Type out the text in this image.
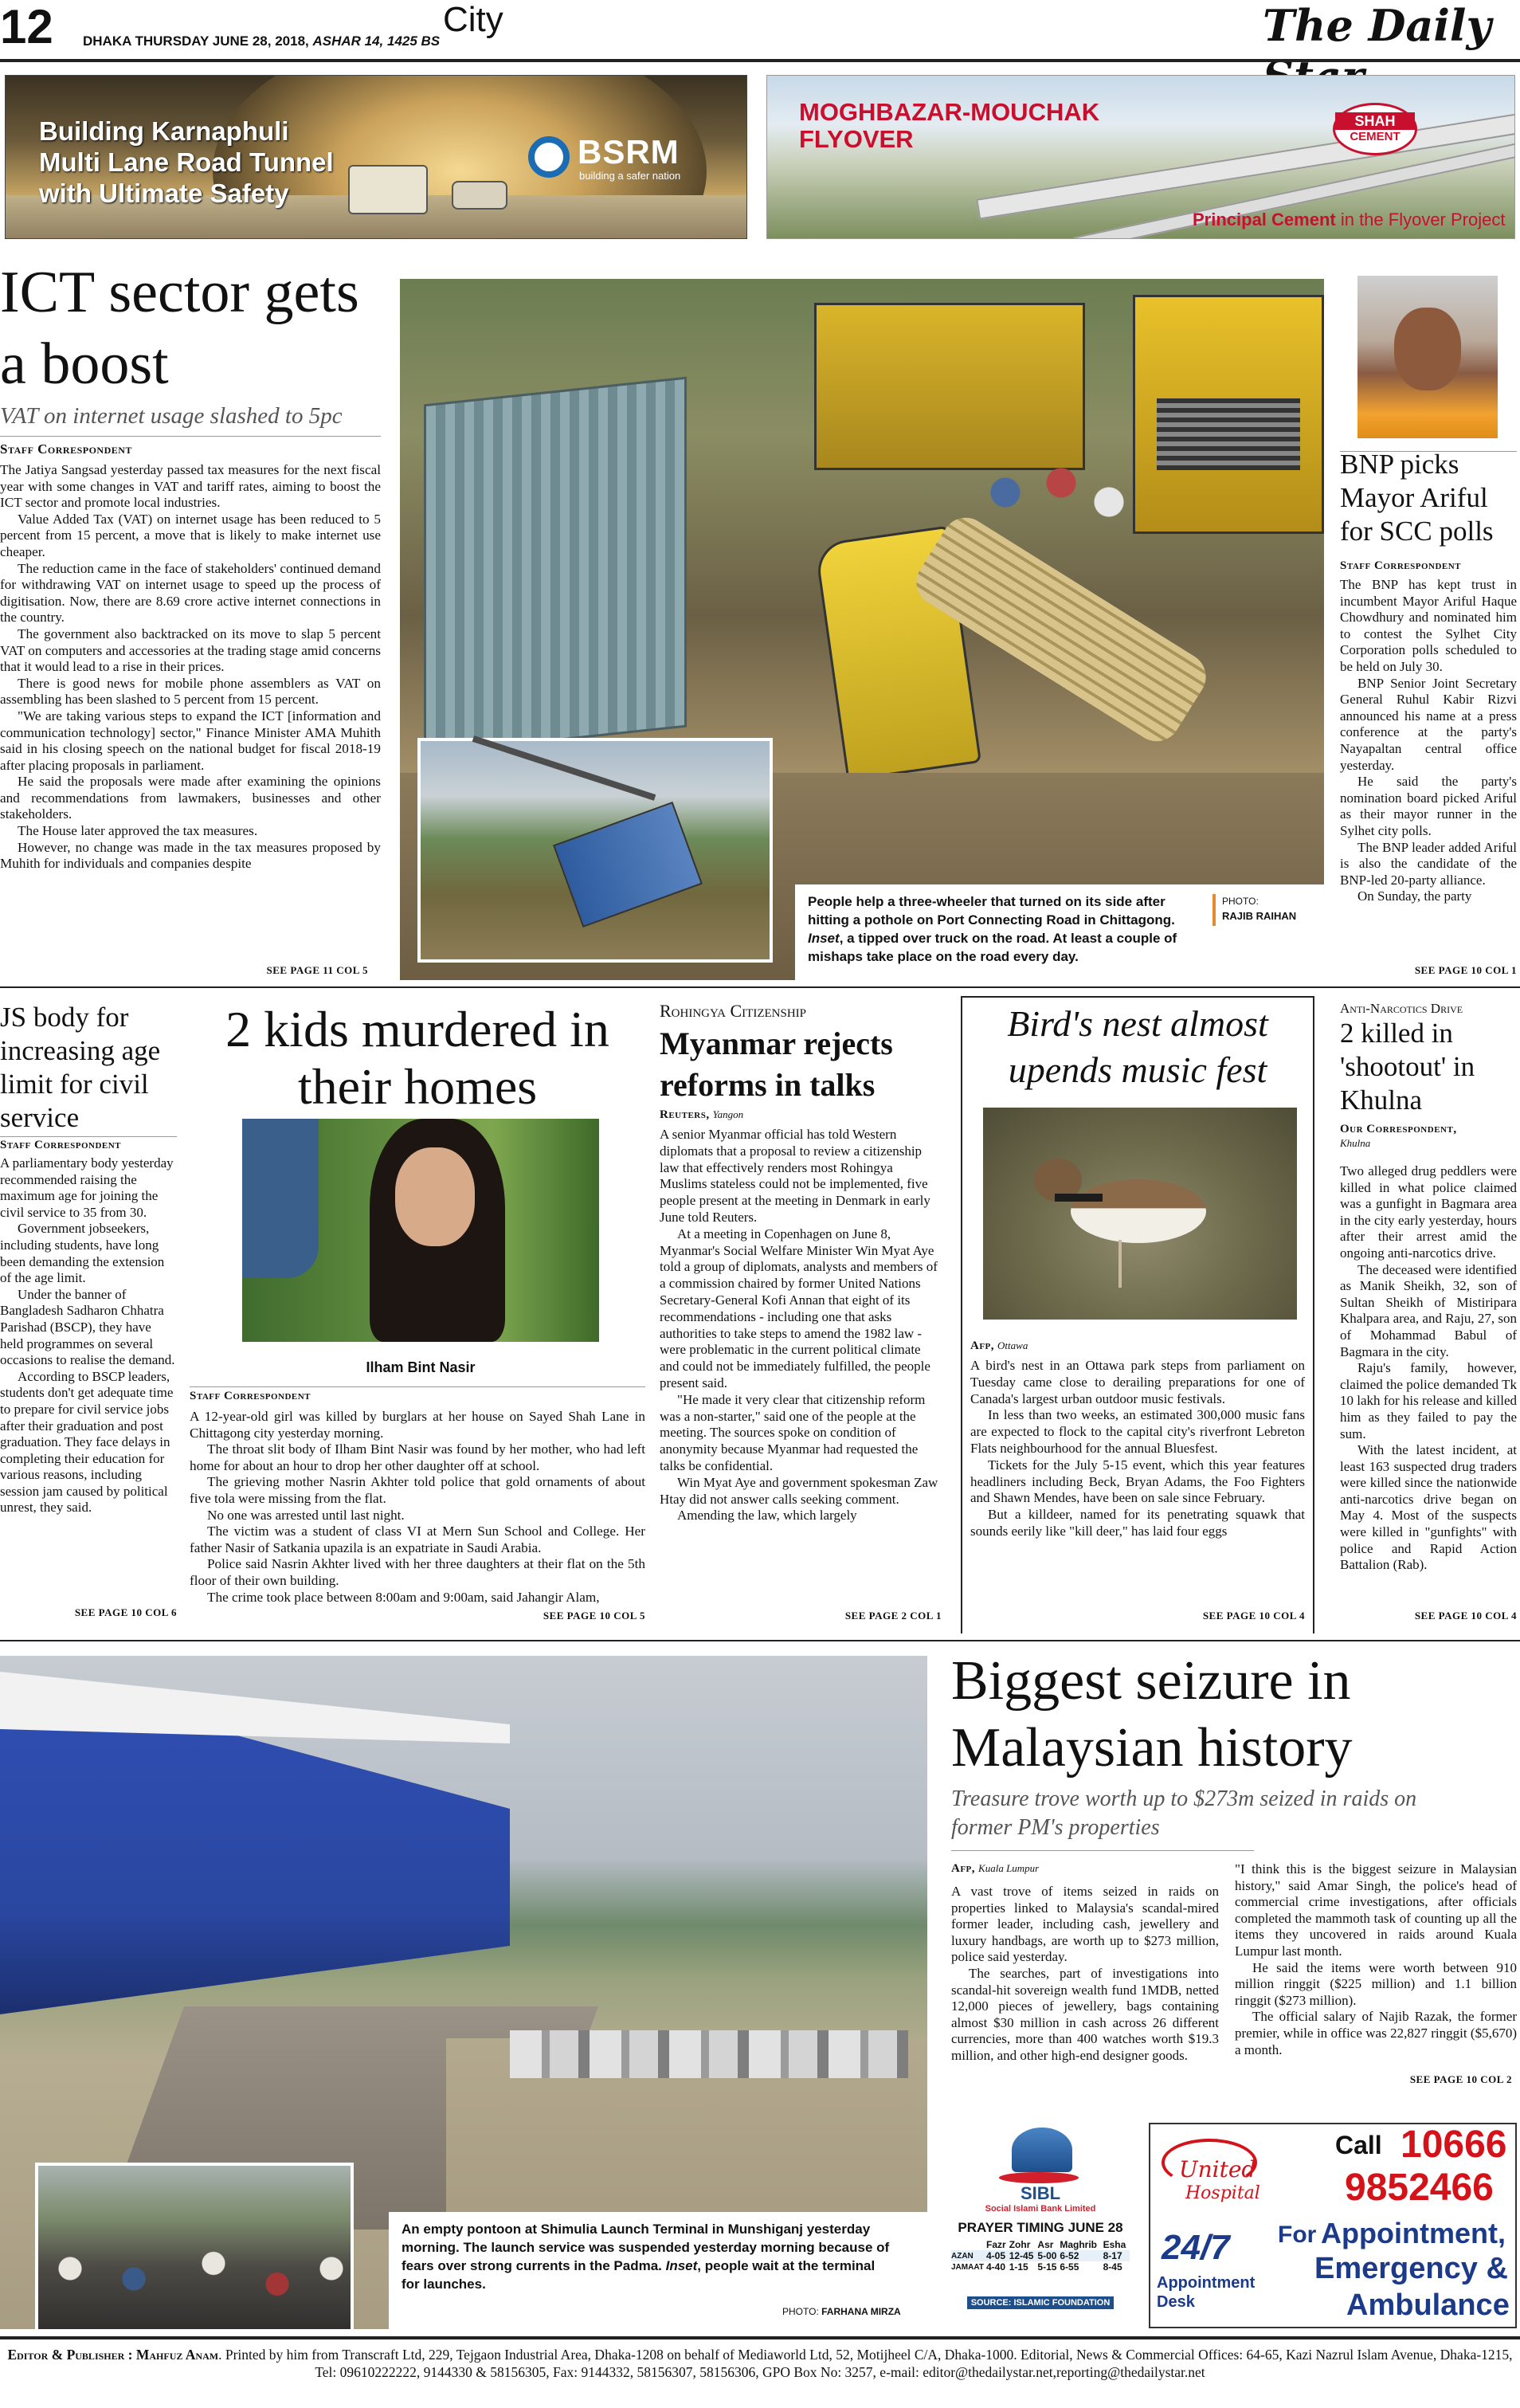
12 DHAKA THURSDAY JUNE 28, 2018, ASHAR 14, 1425 BS
City	The Daily
Building Karnaphuli Multi Lane Road Tunnel with Ultimate Safety
BSRM
building a safer nation
MOGHBAZAR-MOUCHAK
FLYOVER
SHAH
CEMENT
Principal Cement in the Flyover Project
ICT sector gets a boost
VAT on internet usage slashed to 5pc
Staff Correspondent

The Jatiya Sangsad yesterday passed tax measures for the next fiscal year with some changes in VAT and tariff rates, aiming to boost the ICT sector and promote local industries.

Value Added Tax (VAT) on internet usage has been reduced to 5 percent from 15 percent, a move that is likely to make internet use cheaper.

The reduction came in the face of stakeholders' continued demand for withdrawing VAT on internet usage to speed up the process of digitisation. Now, there are 8.69 crore active internet connections in the country.

The government also backtracked on its move to slap 5 percent VAT on computers and accessories at the trading stage amid concerns that it would lead to a rise in their prices.

There is good news for mobile phone assemblers as VAT on assembling has been slashed to 5 percent from 15 percent.

"We are taking various steps to expand the ICT [information and communication technology] sector," Finance Minister AMA Muhith said in his closing speech on the national budget for fiscal 2018-19 after placing proposals in parliament.

He said the proposals were made after examining the opinions and recommendations from lawmakers, businesses and other stakeholders.

The House later approved the tax measures.

However, no change was made in the tax measures proposed by Muhith for individuals and companies despite

SEE PAGE 11 COL 5
People help a three-wheeler that turned on its side after hitting a pothole on Port Connecting Road in Chittagong. Inset, a tipped over truck on the road. At least a couple of mishaps take place on the road every day.
PHOTO:
RAJIB RAIHAN
BNP picks Mayor Ariful for SCC polls
Staff Correspondent

The BNP has kept trust in incumbent Mayor Ariful Haque Chowdhury and nominated him to contest the Sylhet City Corporation polls scheduled to be held on July 30.

BNP Senior Joint Secretary General Ruhul Kabir Rizvi announced his name at a press conference at the party's Nayapaltan central office yesterday.

He said the party's nomination board picked Ariful as their mayor runner in the Sylhet city polls.

The BNP leader added Ariful is also the candidate of the BNP-led 20-party alliance.

On Sunday, the party

SEE PAGE 10 COL 1
JS body for increasing age limit for civil service
Staff Correspondent

A parliamentary body yesterday recommended raising the maximum age for joining the civil service to 35 from 30.

Government jobseekers, including students, have long been demanding the extension of the age limit.

Under the banner of Bangladesh Sadharon Chhatra Parishad (BSCP), they have held programmes on several occasions to realise the demand.

According to BSCP leaders, students don't get adequate time to prepare for civil service jobs after their graduation and post graduation. They face delays in completing their education for various reasons, including session jam caused by political unrest, they said.

SEE PAGE 10 COL 6
2 kids murdered in their homes
Ilham Bint Nasir
Staff Correspondent

A 12-year-old girl was killed by burglars at her house on Sayed Shah Lane in Chittagong city yesterday morning.

The throat slit body of Ilham Bint Nasir was found by her mother, who had left home for about an hour to drop her other daughter off at school.

The grieving mother Nasrin Akhter told police that gold ornaments of about five tola were missing from the flat.

No one was arrested until last night.

The victim was a student of class VI at Mern Sun School and College. Her father Nasir of Satkania upazila is an expatriate in Saudi Arabia.

Police said Nasrin Akhter lived with her three daughters at their flat on the 5th floor of their own building.

The crime took place between 8:00am and 9:00am, said Jahangir Alam,

SEE PAGE 10 COL 5
Rohingya Citizenship
Myanmar rejects reforms in talks
Reuters, Yangon

A senior Myanmar official has told Western diplomats that a proposal to review a citizenship law that effectively renders most Rohingya Muslims stateless could not be implemented, five people present at the meeting in Denmark in early June told Reuters.

At a meeting in Copenhagen on June 8, Myanmar's Social Welfare Minister Win Myat Aye told a group of diplomats, analysts and members of a commission chaired by former United Nations Secretary-General Kofi Annan that eight of its recommendations - including one that asks authorities to take steps to amend the 1982 law - were problematic in the current political climate and could not be immediately fulfilled, the people present said.

"He made it very clear that citizenship reform was a non-starter," said one of the people at the meeting. The sources spoke on condition of anonymity because Myanmar had requested the talks be confidential.

Win Myat Aye and government spokesman Zaw Htay did not answer calls seeking comment.

Amending the law, which largely

SEE PAGE 2 COL 1
Bird's nest almost upends music fest
Afp, Ottawa

A bird's nest in an Ottawa park steps from parliament on Tuesday came close to derailing preparations for one of Canada's largest urban outdoor music festivals.

In less than two weeks, an estimated 300,000 music fans are expected to flock to the capital city's riverfront Lebreton Flats neighbourhood for the annual Bluesfest.

Tickets for the July 5-15 event, which this year features headliners including Beck, Bryan Adams, the Foo Fighters and Shawn Mendes, have been on sale since February.

But a killdeer, named for its penetrating squawk that sounds eerily like "kill deer," has laid four eggs

SEE PAGE 10 COL 4
Anti-Narcotics Drive
2 killed in 'shootout' in Khulna
Our Correspondent,
Khulna

Two alleged drug peddlers were killed in what police claimed was a gunfight in Bagmara area in the city early yesterday, hours after their arrest amid the ongoing anti-narcotics drive.

The deceased were identified as Manik Sheikh, 32, son of Sultan Sheikh of Mistiripara Khalpara area, and Raju, 27, son of Mohammad Babul of Bagmara in the city.

Raju's family, however, claimed the police demanded Tk 10 lakh for his release and killed him as they failed to pay the sum.

With the latest incident, at least 163 suspected drug traders were killed since the nationwide anti-narcotics drive began on May 4. Most of the suspects were killed in "gunfights" with police and Rapid Action Battalion (Rab).

SEE PAGE 10 COL 4
An empty pontoon at Shimulia Launch Terminal in Munshiganj yesterday morning. The launch service was suspended yesterday morning because of fears over strong currents in the Padma. Inset, people wait at the terminal for launches.
PHOTO: FARHANA MIRZA
Biggest seizure in Malaysian history
Treasure trove worth up to $273m seized in raids on former PM's properties
Afp, Kuala Lumpur

A vast trove of items seized in raids on properties linked to Malaysia's scandal-mired former leader, including cash, jewellery and luxury handbags, are worth up to $273 million, police said yesterday.

The searches, part of investigations into scandal-hit sovereign wealth fund 1MDB, netted 12,000 pieces of jewellery, bags containing almost $30 million in cash across 26 different currencies, more than 400 watches worth $19.3 million, and other high-end designer goods.

"I think this is the biggest seizure in Malaysian history," said Amar Singh, the police's head of commercial crime investigations, after officials completed the mammoth task of counting up all the items they uncovered in raids around Kuala Lumpur last month.

He said the items were worth between 910 million ringgit ($225 million) and 1.1 billion ringgit ($273 million).

The official salary of Najib Razak, the former premier, while in office was 22,827 ringgit ($5,670) a month.

SEE PAGE 10 COL 2
SIBL
Social Islami Bank Limited
PRAYER TIMING JUNE 28
	Fazr	Zohr	Asr	Maghrib	Esha
AZAN	4-05	12-45	5-00	6-52	8-17
JAMAAT	4-40	1-15	5-15	6-55	8-45
SOURCE: ISLAMIC FOUNDATION
United
Hospital
Call 10666
9852466
24/7
Appointment
Desk
For Appointment,
Emergency &
Ambulance
Editor & Publisher : Mahfuz Anam. Printed by him from Transcraft Ltd, 229, Tejgaon Industrial Area, Dhaka-1208 on behalf of Mediaworld Ltd, 52, Motijheel C/A, Dhaka-1000. Editorial, News & Commercial Offices: 64-65, Kazi Nazrul Islam Avenue, Dhaka-1215,
Tel: 09610222222, 9144330 & 58156305, Fax: 9144332, 58156307, 58156306, GPO Box No: 3257, e-mail: editor@thedailystar.net,reporting@thedailystar.net
